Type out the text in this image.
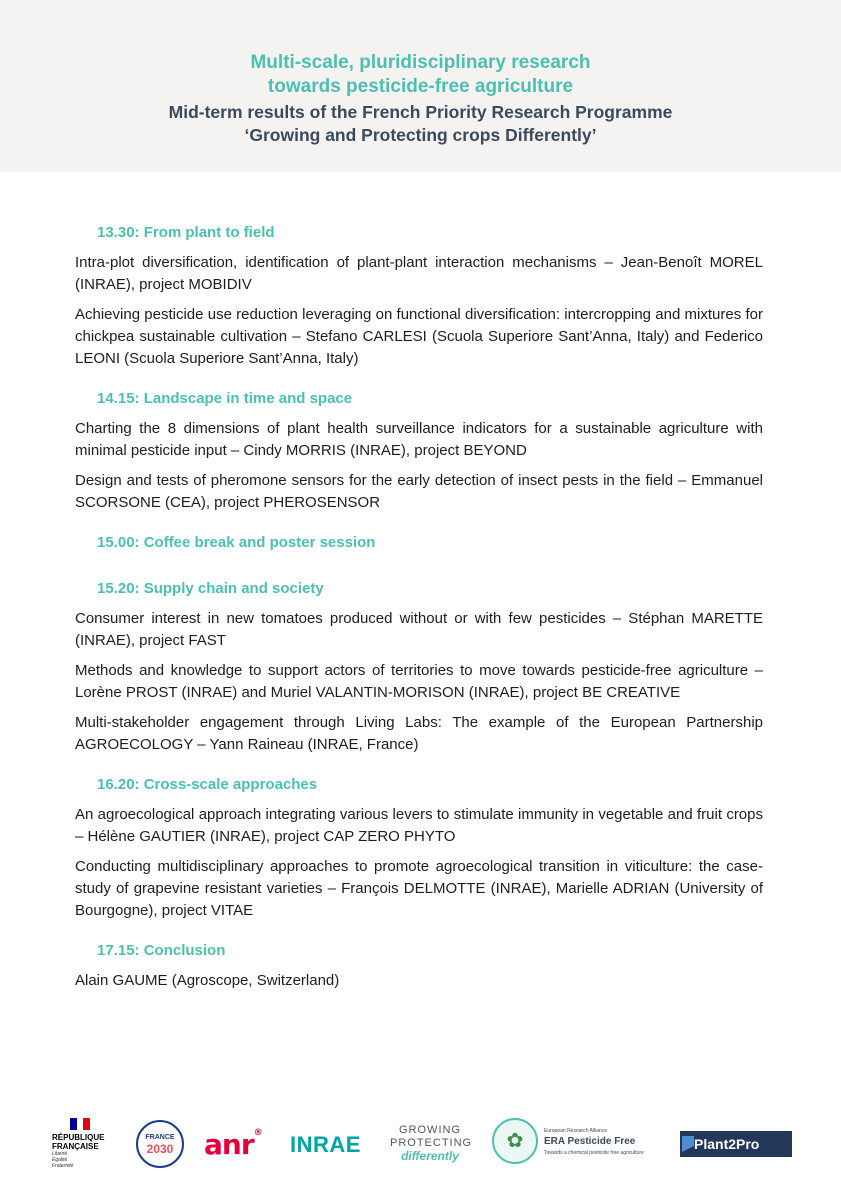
Multi-scale, pluridisciplinary research
towards pesticide-free agriculture
Mid-term results of the French Priority Research Programme
‘Growing and Protecting crops Differently’
13.30: From plant to field

Intra-plot diversification, identification of plant-plant interaction mechanisms – Jean-Benoît MOREL (INRAE), project MOBIDIV

Achieving pesticide use reduction leveraging on functional diversification: intercropping and mixtures for chickpea sustainable cultivation – Stefano CARLESI (Scuola Superiore Sant’Anna, Italy) and Federico LEONI (Scuola Superiore Sant’Anna, Italy)

14.15: Landscape in time and space

Charting the 8 dimensions of plant health surveillance indicators for a sustainable agriculture with minimal pesticide input – Cindy MORRIS (INRAE), project BEYOND

Design and tests of pheromone sensors for the early detection of insect pests in the field – Emmanuel SCORSONE (CEA), project PHEROSENSOR

15.00: Coffee break and poster session
15.20: Supply chain and society

Consumer interest in new tomatoes produced without or with few pesticides – Stéphan MARETTE (INRAE), project FAST

Methods and knowledge to support actors of territories to move towards pesticide-free agriculture – Lorène PROST (INRAE) and Muriel VALANTIN-MORISON (INRAE), project BE CREATIVE

Multi-stakeholder engagement through Living Labs: The example of the European Partnership AGROECOLOGY – Yann Raineau (INRAE, France)

16.20: Cross-scale approaches

An agroecological approach integrating various levers to stimulate immunity in vegetable and fruit crops – Hélène GAUTIER (INRAE), project CAP ZERO PHYTO

Conducting multidisciplinary approaches to promote agroecological transition in viticulture: the case-study of grapevine resistant varieties – François DELMOTTE (INRAE), Marielle ADRIAN (University of Bourgogne), project VITAE

17.15: Conclusion

Alain GAUME (Agroscope, Switzerland)

RÉPUBLIQUE
FRANÇAISE
Liberté
Égalité
Fraternité
FRANCE
2030	anr® INRAE
GROWING
PROTECTING
differently
✿	European Research Alliance
ERA Pesticide Free
Towards a chemical pesticide free agriculture
Plant2Pro
